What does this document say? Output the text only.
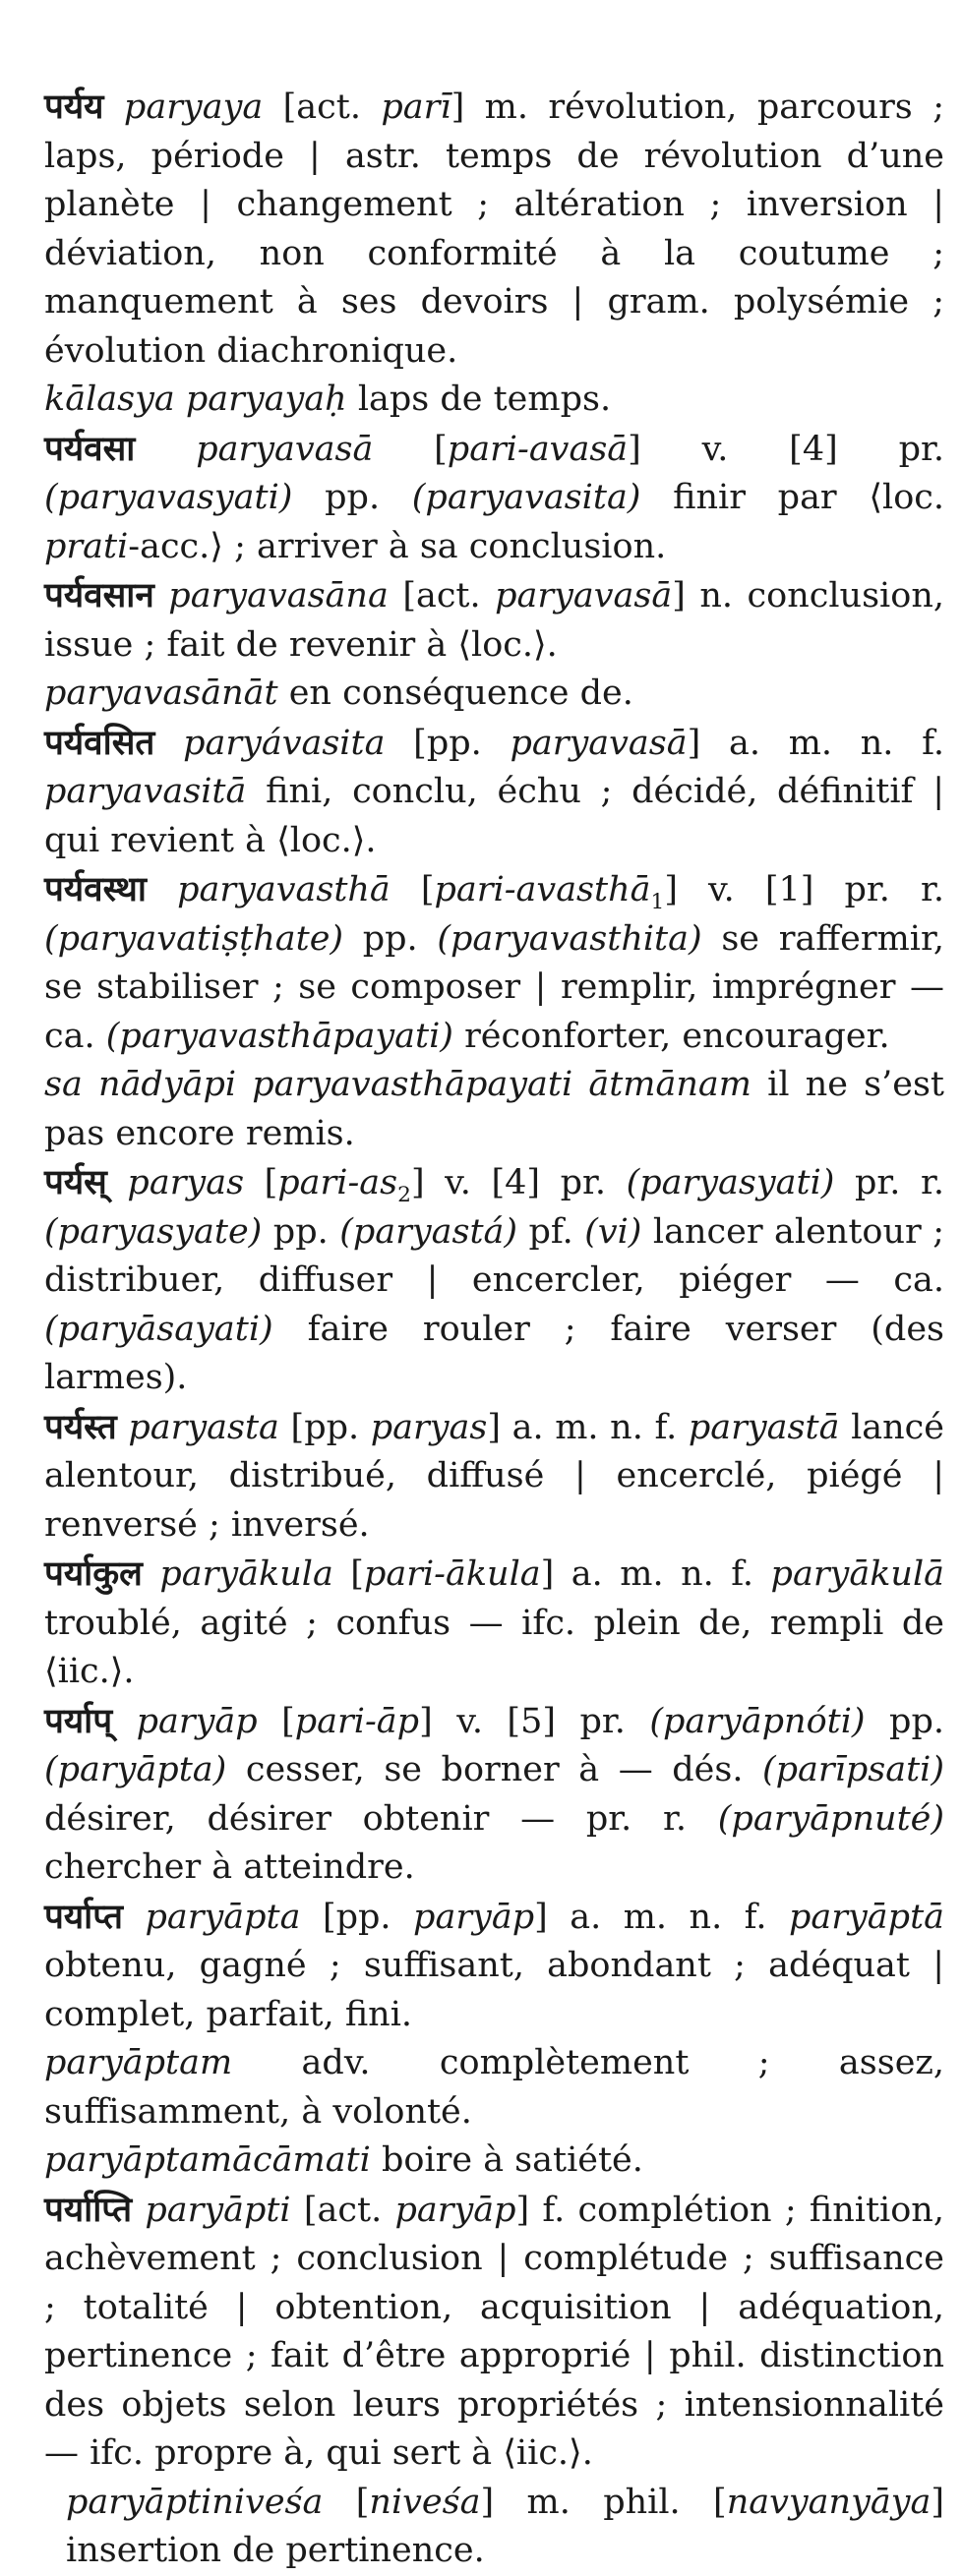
पर्यय paryaya [act. parī] m. révolution, parcours ; laps, période | astr. temps de révolution d’une planète | changement ; altération ; inversion | déviation, non conformité à la coutume ; manquement à ses devoirs | gram. polysémie ; évolution diachronique.

kālasya paryayaḥ laps de temps.

पर्यवसा paryavasā [pari-avasā] v. [4] pr. (paryavasyati) pp. (paryavasita) finir par ⟨loc. prati-acc.⟩ ; arriver à sa conclusion.

पर्यवसान paryavasāna [act. paryavasā] n. conclusion, issue ; fait de revenir à ⟨loc.⟩.

paryavasānāt en conséquence de.

पर्यवसित paryávasita [pp. paryavasā] a. m. n. f. paryavasitā fini, conclu, échu ; décidé, définitif | qui revient à ⟨loc.⟩.

पर्यवस्था paryavasthā [pari-avasthā$_1$] v. [1] pr. r. (paryavatiṣṭhate) pp. (paryavasthita) se raffermir, se stabiliser ; se composer | remplir, imprégner — ca. (paryavasthāpayati) réconforter, encourager.

sa nādyāpi paryavasthāpayati ātmānam il ne s’est pas encore remis.

पर्यस् paryas $[pari-as_2]$ v. [4] pr. (paryasyati) pr. r. (paryasyate) pp. (paryastá) pf. (vi) lancer alentour ; distribuer, diffuser | encercler, piéger — ca. (paryāsayati) faire rouler ; faire verser (des larmes).

पर्यस्त paryasta [pp. paryas] a. m. n. f. paryastā lancé alentour, distribué, diffusé | encerclé, piégé | renversé ; inversé.

पर्याकुल paryākula [pari-ākula] a. m. n. f. paryākulā troublé, agité ; confus — ifc. plein de, rempli de ⟨iic.⟩.

पर्याप् paryāp [pari-āp] v. [5] pr. (paryāpnóti) pp. (paryāpta) cesser, se borner à — dés. (parīpsati) désirer, désirer obtenir — pr. r. (paryāpnuté) chercher à atteindre.

पर्याप्त paryāpta [pp. paryāp] a. m. n. f. paryāptā obtenu, gagné ; suffisant, abondant ; adéquat | complet, parfait, fini.

paryāptam adv. complètement ; assez, suffisamment, à volonté.

paryāptamācāmati boire à satiété.

पर्याप्ति paryāpti [act. paryāp] f. complétion ; finition, achèvement ; conclusion | complétude ; suffisance ; totalité | obtention, acquisition | adéquation, pertinence ; fait d’être approprié | phil. distinction des objets selon leurs propriétés ; intensionnalité — ifc. propre à, qui sert à ⟨iic.⟩.

paryāptiniveśa [niveśa] m. phil. [navyanyāya] insertion de pertinence.
